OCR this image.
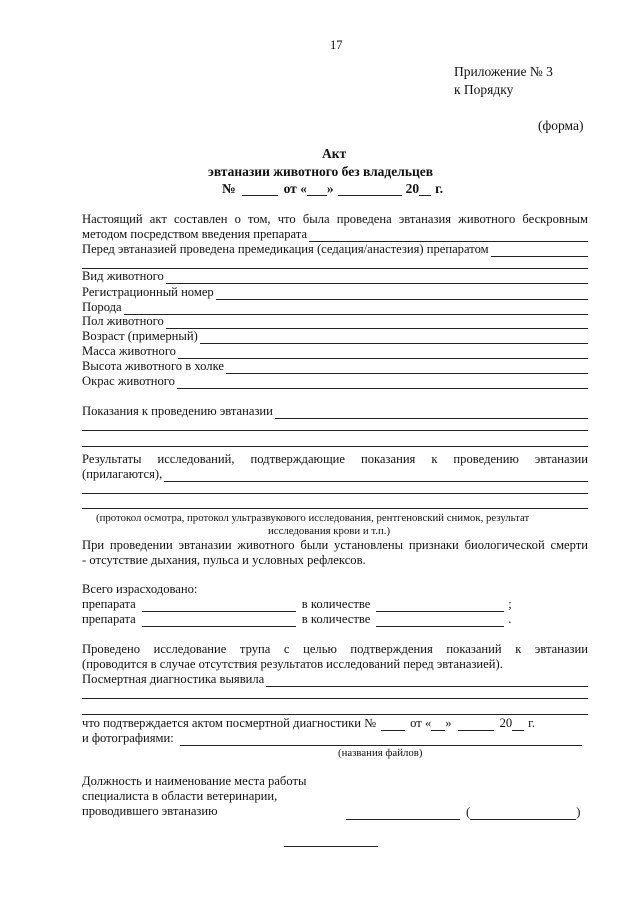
17
Приложение № 3
к Порядку
(форма)
Акт
эвтаназии животного без владельцев
№	от « »	20 г.
Настоящий акт составлен о том, что была проведена эвтаназия животного бескровным
методом посредством введения препарата
Перед эвтаназией проведена премедикация (седация/анастезия) препаратом
Вид животного
Регистрационный номер
Порода
Пол животного
Возраст (примерный)
Масса животного
Высота животного в холке
Окрас животного
Показания к проведению эвтаназии
Результаты исследований, подтверждающие показания к проведению эвтаназии
(прилагаются),
(протокол осмотра, протокол ультразвукового исследования, рентгеновский снимок, результат
исследования крови и т.п.)
При проведении эвтаназии животного были установлены признаки биологической смерти
- отсутствие дыхания, пульса и условных рефлексов.
Всего израсходовано:
препарата	в количестве	;
препарата	в количестве	.
Проведено исследование трупа с целью подтверждения показаний к эвтаназии
(проводится в случае отсутствия результатов исследований перед эвтаназией).
Посмертная диагностика выявила
что подтверждается актом посмертной диагностики №	от « »	20 г.
и фотографиями:
(названия файлов)
Должность и наименование места работы
специалиста в области ветеринарии,
проводившего эвтаназию	(	)
